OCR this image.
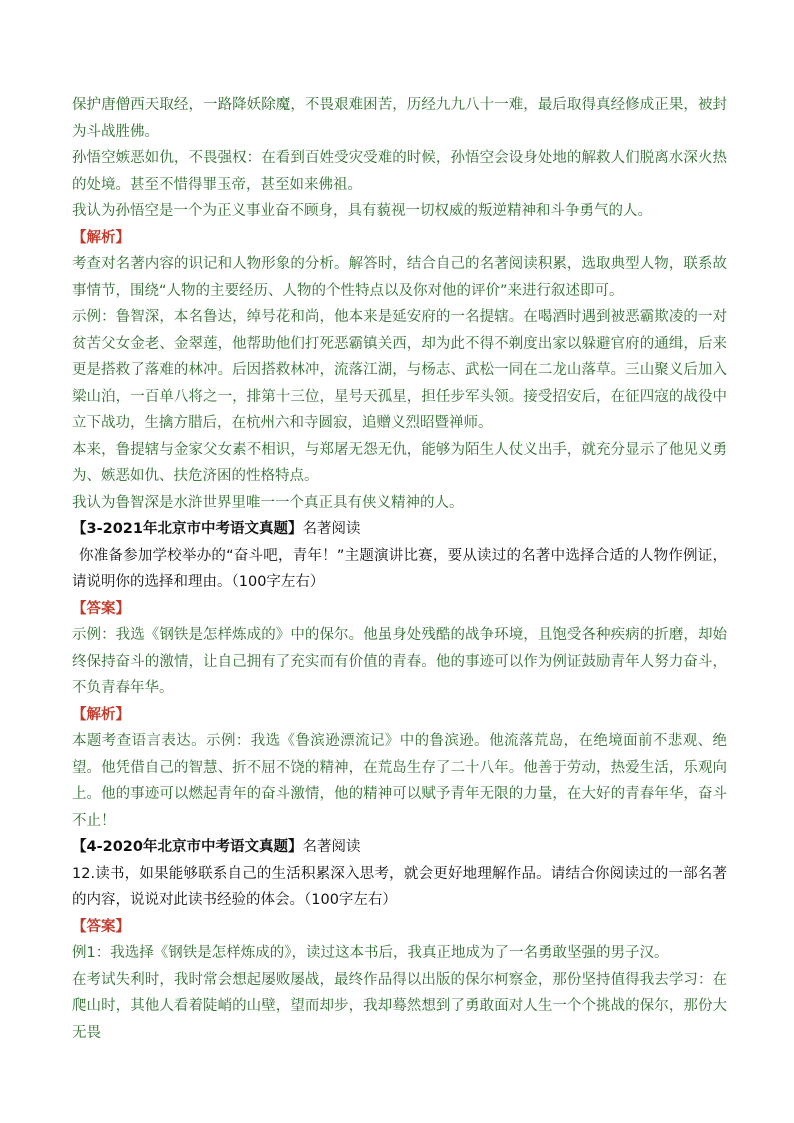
保护唐僧西天取经，一路降妖除魔，不畏艰难困苦，历经九九八十一难，最后取得真经修成正果，被封为斗战胜佛。

孙悟空嫉恶如仇，不畏强权：在看到百姓受灾受难的时候，孙悟空会设身处地的解救人们脱离水深火热的处境。甚至不惜得罪玉帝，甚至如来佛祖。

我认为孙悟空是一个为正义事业奋不顾身，具有藐视一切权威的叛逆精神和斗争勇气的人。

【解析】

考查对名著内容的识记和人物形象的分析。解答时，结合自己的名著阅读积累，选取典型人物，联系故事情节，围绕“人物的主要经历、人物的个性特点以及你对他的评价”来进行叙述即可。

示例：鲁智深，本名鲁达，绰号花和尚，他本来是延安府的一名提辖。在喝酒时遇到被恶霸欺凌的一对贫苦父女金老、金翠莲，他帮助他们打死恶霸镇关西，却为此不得不剃度出家以躲避官府的通缉，后来更是搭救了落难的林冲。后因搭救林冲，流落江湖，与杨志、武松一同在二龙山落草。三山聚义后加入梁山泊，一百单八将之一，排第十三位，星号天孤星，担任步军头领。接受招安后，在征四寇的战役中立下战功，生擒方腊后，在杭州六和寺圆寂，追赠义烈昭暨禅师。

本来，鲁提辖与金家父女素不相识，与郑屠无怨无仇，能够为陌生人仗义出手，就充分显示了他见义勇为、嫉恶如仇、扶危济困的性格特点。

我认为鲁智深是水浒世界里唯一一个真正具有侠义精神的人。

【3-2021年北京市中考语文真题】名著阅读

你准备参加学校举办的“奋斗吧，青年！”主题演讲比赛，要从读过的名著中选择合适的人物作例证，请说明你的选择和理由。（100字左右）

【答案】

示例：我选《钢铁是怎样炼成的》中的保尔。他虽身处残酷的战争环境，且饱受各种疾病的折磨，却始终保持奋斗的激情，让自己拥有了充实而有价值的青春。他的事迹可以作为例证鼓励青年人努力奋斗，不负青春年华。

【解析】

本题考查语言表达。示例：我选《鲁滨逊漂流记》中的鲁滨逊。他流落荒岛，在绝境面前不悲观、绝望。他凭借自己的智慧、折不屈不饶的精神，在荒岛生存了二十八年。他善于劳动，热爱生活，乐观向上。他的事迹可以燃起青年的奋斗激情，他的精神可以赋予青年无限的力量，在大好的青春年华，奋斗不止！

【4-2020年北京市中考语文真题】名著阅读

12.读书，如果能够联系自己的生活积累深入思考，就会更好地理解作品。请结合你阅读过的一部名著的内容，说说对此读书经验的体会。（100字左右）

【答案】

例1：我选择《钢铁是怎样炼成的》，读过这本书后，我真正地成为了一名勇敢坚强的男子汉。

在考试失利时，我时常会想起屡败屡战，最终作品得以出版的保尔柯察金，那份坚持值得我去学习：在爬山时，其他人看着陡峭的山壁，望而却步，我却蓦然想到了勇敢面对人生一个个挑战的保尔，那份大无畏
